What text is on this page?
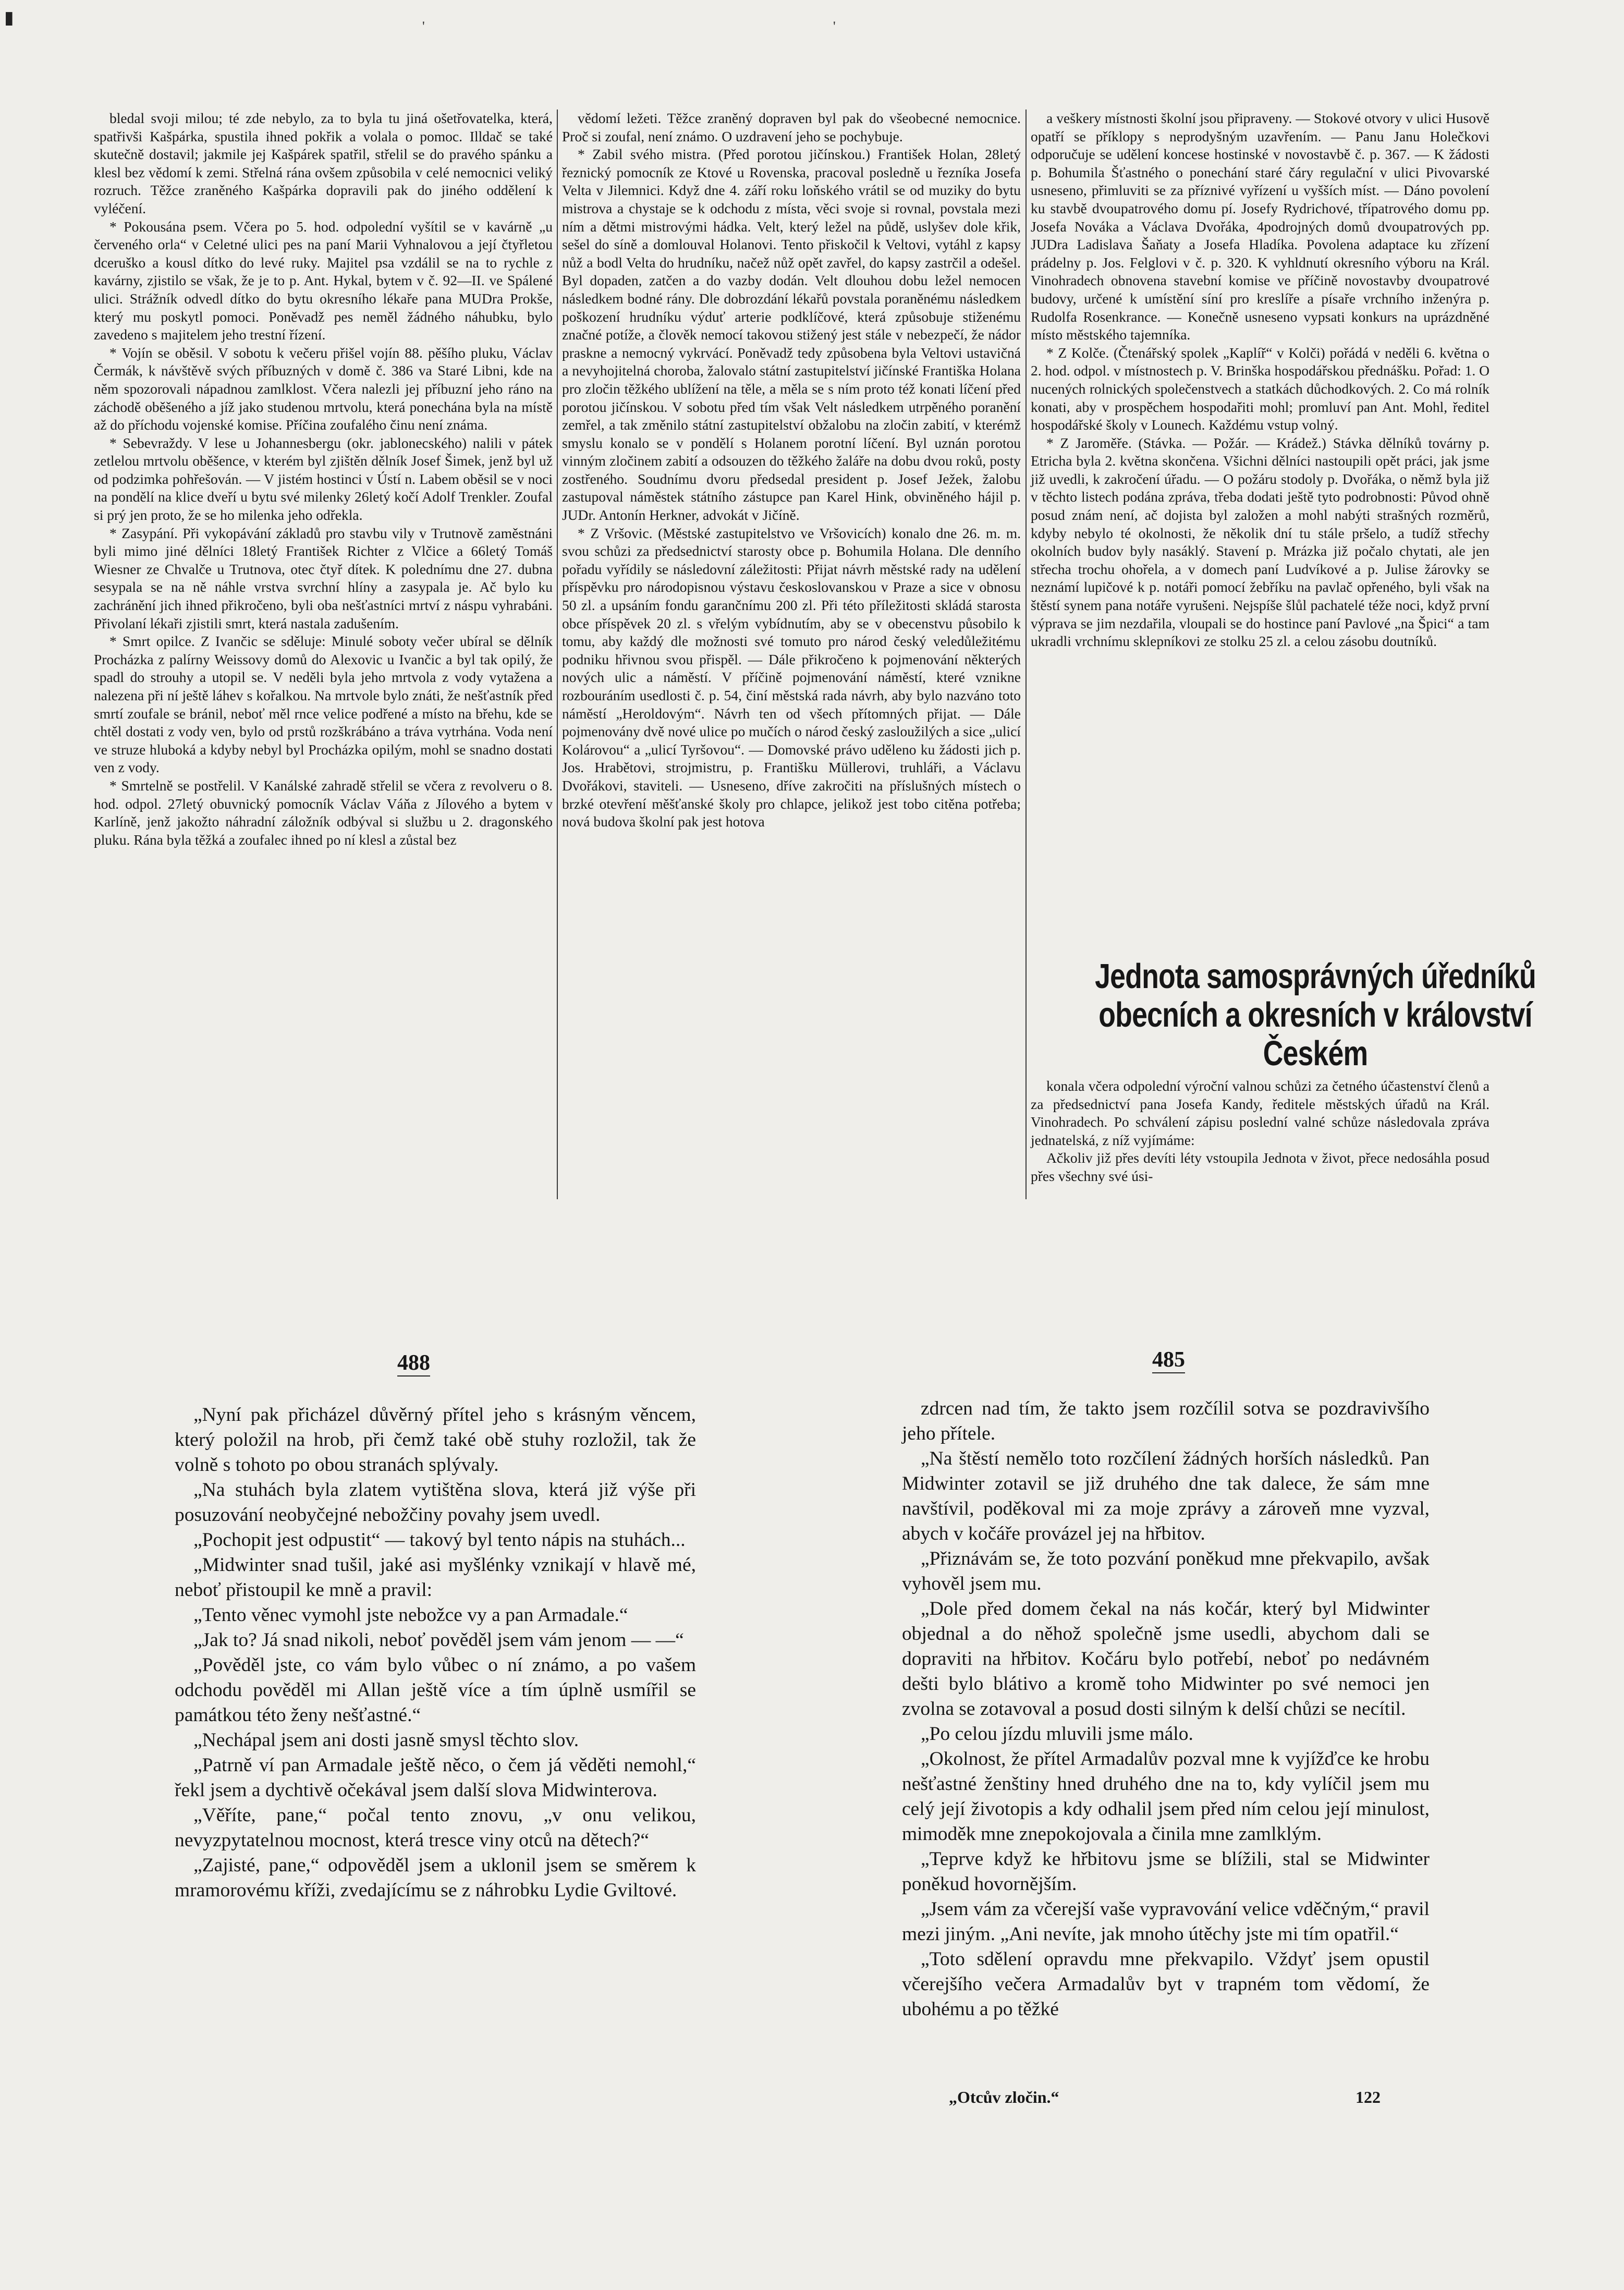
▮	'
'

bledal svoji milou; té zde nebylo, za to byla tu jiná ošetřovatelka, která, spatřivši Kašpárka, spustila ihned pokřik a volala o pomoc. Illdač se také skutečně dostavil; jakmile jej Kašpárek spatřil, střelil se do pravého spánku a klesl bez vědomí k zemi. Střelná rána ovšem způsobila v celé nemocnici veliký rozruch. Těžce zraněného Kašpárka dopravili pak do jiného oddělení k vyléčení.

* Pokousána psem. Včera po 5. hod. odpolední vyšítil se v kavárně „u červeného orla“ v Celetné ulici pes na paní Marii Vyhnalovou a její čtyřletou dceruško a kousl dítko do levé ruky. Majitel psa vzdálil se na to rychle z kavárny, zjistilo se však, že je to p. Ant. Hykal, bytem v č. 92—II. ve Spálené ulici. Strážník odvedl dítko do bytu okresního lékaře pana MUDra Prokše, který mu poskytl pomoci. Poněvadž pes neměl žádného náhubku, bylo zavedeno s majitelem jeho trestní řízení.

* Vojín se oběsil. V sobotu k večeru přišel vojín 88. pěšího pluku, Václav Čermák, k návštěvě svých příbuzných v domě č. 386 va Staré Libni, kde na něm spozorovali nápadnou zamlklost. Včera nalezli jej příbuzní jeho ráno na záchodě oběšeného a jíž jako studenou mrtvolu, která ponechána byla na místě až do příchodu vojenské komise. Příčina zoufalého činu není známa.

* Sebevraždy. V lese u Johannesbergu (okr. jablonecského) nalili v pátek zetlelou mrtvolu oběšence, v kterém byl zjištěn dělník Josef Šimek, jenž byl už od podzimka pohřešován. — V jistém hostinci v Ústí n. Labem oběsil se v noci na pondělí na klice dveří u bytu své milenky 26letý kočí Adolf Trenkler. Zoufal si prý jen proto, že se ho milenka jeho odřekla.

* Zasypání. Při vykopávání základů pro stavbu vily v Trutnově zaměstnáni byli mimo jiné dělníci 18letý František Richter z Vlčice a 66letý Tomáš Wiesner ze Chvalče u Trutnova, otec čtyř dítek. K polednímu dne 27. dubna sesypala se na ně náhle vrstva svrchní hlíny a zasypala je. Ač bylo ku zachránění jich ihned přikročeno, byli oba nešťastníci mrtví z náspu vyhrabáni. Přivolaní lékaři zjistili smrt, která nastala zadušením.

* Smrt opilce. Z Ivančic se sděluje: Minulé soboty večer ubíral se dělník Procházka z palírny Weissovy domů do Alexovic u Ivančic a byl tak opilý, že spadl do strouhy a utopil se. V neděli byla jeho mrtvola z vody vytažena a nalezena při ní ještě láhev s kořalkou. Na mrtvole bylo znáti, že nešťastník před smrtí zoufale se bránil, neboť měl rnce velice podřené a místo na břehu, kde se chtěl dostati z vody ven, bylo od prstů rozškrábáno a tráva vytrhána. Voda není ve struze hluboká a kdyby nebyl byl Procházka opilým, mohl se snadno dostati ven z vody.

* Smrtelně se postřelil. V Kanálské zahradě střelil se včera z revolveru o 8. hod. odpol. 27letý obuvnický pomocník Václav Váňa z Jílového a bytem v Karlíně, jenž jakožto náhradní záložník odbýval si službu u 2. dragonského pluku. Rána byla těžká a zoufalec ihned po ní klesl a zůstal bez

vědomí ležeti. Těžce zraněný dopraven byl pak do všeobecné nemocnice. Proč si zoufal, není známo. O uzdravení jeho se pochybuje.

* Zabil svého mistra. (Před porotou jičínskou.) František Holan, 28letý řeznický pomocník ze Ktové u Rovenska, pracoval posledně u řezníka Josefa Velta v Jilemnici. Když dne 4. září roku loňského vrátil se od muziky do bytu mistrova a chystaje se k odchodu z místa, věci svoje si rovnal, povstala mezi ním a dětmi mistrovými hádka. Velt, který ležel na půdě, uslyšev dole křik, sešel do síně a domlouval Holanovi. Tento přiskočil k Veltovi, vytáhl z kapsy nůž a bodl Velta do hrudníku, načež nůž opět zavřel, do kapsy zastrčil a odešel. Byl dopaden, zatčen a do vazby dodán. Velt dlouhou dobu ležel nemocen následkem bodné rány. Dle dobrozdání lékařů povstala poraněnému následkem poškození hrudníku výduť arterie podklíčové, která způsobuje stiženému značné potíže, a člověk nemocí takovou stižený jest stále v nebezpečí, že nádor praskne a nemocný vykrvácí. Poněvadž tedy způsobena byla Veltovi ustavičná a nevyhojitelná choroba, žalovalo státní zastupitelství jičínské Františka Holana pro zločin těžkého ublížení na těle, a měla se s ním proto též konati líčení před porotou jičínskou. V sobotu před tím však Velt následkem utrpěného poranění zemřel, a tak změnilo státní zastupitelství obžalobu na zločin zabití, v kterémž smyslu konalo se v pondělí s Holanem porotní líčení. Byl uznán porotou vinným zločinem zabití a odsouzen do těžkého žaláře na dobu dvou roků, posty zostřeného. Soudnímu dvoru předsedal president p. Josef Ježek, žalobu zastupoval náměstek státního zástupce pan Karel Hink, obviněného hájil p. JUDr. Antonín Herkner, advokát v Jičíně.

* Z Vršovic. (Městské zastupitelstvo ve Vršovicích) konalo dne 26. m. m. svou schůzi za předsednictví starosty obce p. Bohumila Holana. Dle denního pořadu vyřídily se následovní záležitosti: Přijat návrh městské rady na udělení příspěvku pro národopisnou výstavu českoslovanskou v Praze a sice v obnosu 50 zl. a upsáním fondu garančnímu 200 zl. Při této příležitosti skládá starosta obce příspěvek 20 zl. s vřelým vybídnutím, aby se v obecenstvu působilo k tomu, aby každý dle možnosti své tomuto pro národ český veledůležitému podniku hřivnou svou přispěl. — Dále přikročeno k pojmenování některých nových ulic a náměstí. V příčině pojmenování náměstí, které vznikne rozbouráním usedlosti č. p. 54, činí městská rada návrh, aby bylo nazváno toto náměstí „Heroldovým“. Návrh ten od všech přítomných přijat. — Dále pojmenovány dvě nové ulice po mučích o národ český zasloužilých a sice „ulicí Kolárovou“ a „ulicí Tyršovou“. — Domovské právo uděleno ku žádosti jich p. Jos. Hrabětovi, strojmistru, p. Františku Müllerovi, truhláři, a Václavu Dvořákovi, staviteli. — Usneseno, dříve zakročiti na příslušných místech o brzké otevření měšťanské školy pro chlapce, jelikož jest tobo citěna potřeba; nová budova školní pak jest hotova

a veškery místnosti školní jsou připraveny. — Stokové otvory v ulici Husově opatří se příklopy s neprodyšným uzavřením. — Panu Janu Holečkovi odporučuje se udělení koncese hostinské v novostavbě č. p. 367. — K žádosti p. Bohumila Šťastného o ponechání staré čáry regulační v ulici Pivovarské usneseno, přimluviti se za příznivé vyřízení u vyšších míst. — Dáno povolení ku stavbě dvoupatrového domu pí. Josefy Rydrichové, třípatrového domu pp. Josefa Nováka a Václava Dvořáka, 4podrojných domů dvoupatrových pp. JUDra Ladislava Šaňaty a Josefa Hladíka. Povolena adaptace ku zřízení prádelny p. Jos. Felglovi v č. p. 320. K vyhldnutí okresního výboru na Král. Vinohradech obnovena stavební komise ve příčině novostavby dvoupatrové budovy, určené k umístění síní pro kreslíře a písaře vrchního inženýra p. Rudolfa Rosenkrance. — Konečně usneseno vypsati konkurs na uprázdněné místo městského tajemníka.

* Z Kolče. (Čtenářský spolek „Kaplíř“ v Kolči) pořádá v neděli 6. května o 2. hod. odpol. v místnostech p. V. Brinška hospodářskou přednášku. Pořad: 1. O nucených rolnických společenstvech a statkách důchodkových. 2. Co má rolník konati, aby v prospěchem hospodařiti mohl; promluví pan Ant. Mohl, ředitel hospodářské školy v Lounech. Každému vstup volný.

* Z Jaroměře. (Stávka. — Požár. — Krádež.) Stávka dělníků továrny p. Etricha byla 2. května skončena. Všichni dělníci nastoupili opět práci, jak jsme již uvedli, k zakročení úřadu. — O požáru stodoly p. Dvořáka, o němž byla již v těchto listech podána zpráva, třeba dodati ještě tyto podrobnosti: Původ ohně posud znám není, ač dojista byl založen a mohl nabýti strašných rozměrů, kdyby nebylo té okolnosti, že několik dní tu stále pršelo, a tudíž střechy okolních budov byly nasáklý. Stavení p. Mrázka již počalo chytati, ale jen střecha trochu ohořela, a v domech paní Ludvíkové a p. Julise žárovky se neznámí lupičové k p. notáři pomocí žebříku na pavlač opřeného, byli však na štěstí synem pana notáře vyrušeni. Nejspíše šlůl pachatelé téže noci, když první výprava se jim nezdařila, vloupali se do hostince paní Pavlové „na Špici“ a tam ukradli vrchnímu sklepníkovi ze stolku 25 zl. a celou zásobu doutníků.

Jednota samosprávných úředníků
obecních a okresních v království
Českém

konala včera odpolední výroční valnou schůzi za četného účastenství členů a za předsednictví pana Josefa Kandy, ředitele městských úřadů na Král. Vinohradech. Po schválení zápisu poslední valné schůze následovala zpráva jednatelská, z níž vyjímáme:

Ačkoliv již přes devíti léty vstoupila Jednota v život, přece nedosáhla posud přes všechny své úsi-

488	485

„Nyní pak přicházel důvěrný přítel jeho s krásným věncem, který položil na hrob, při čemž také obě stuhy rozložil, tak že volně s tohoto po obou stranách splývaly.

„Na stuhách byla zlatem vytištěna slova, která již výše při posuzování neobyčejné nebožčiny povahy jsem uvedl.

„Pochopit jest odpustit“ — takový byl tento nápis na stuhách...

„Midwinter snad tušil, jaké asi myšlénky vznikají v hlavě mé, neboť přistoupil ke mně a pravil:

„Tento věnec vymohl jste nebožce vy a pan Armadale.“

„Jak to? Já snad nikoli, neboť pověděl jsem vám jenom — —“

„Pověděl jste, co vám bylo vůbec o ní známo, a po vašem odchodu pověděl mi Allan ještě více a tím úplně usmířil se památkou této ženy nešťastné.“

„Nechápal jsem ani dosti jasně smysl těchto slov.

„Patrně ví pan Armadale ještě něco, o čem já věděti nemohl,“ řekl jsem a dychtivě očekával jsem další slova Midwinterova.

„Věříte, pane,“ počal tento znovu, „v onu velikou, nevyzpytatelnou mocnost, která tresce viny otců na dětech?“

„Zajisté, pane,“ odpověděl jsem a uklonil jsem se směrem k mramorovému kříži, zvedajícímu se z náhrobku Lydie Gviltové.

zdrcen nad tím, že takto jsem rozčílil sotva se pozdravivšího jeho přítele.

„Na štěstí nemělo toto rozčílení žádných horších následků. Pan Midwinter zotavil se již druhého dne tak dalece, že sám mne navštívil, poděkoval mi za moje zprávy a zároveň mne vyzval, abych v kočáře provázel jej na hřbitov.

„Přiznávám se, že toto pozvání poněkud mne překvapilo, avšak vyhověl jsem mu.

„Dole před domem čekal na nás kočár, který byl Midwinter objednal a do něhož společně jsme usedli, abychom dali se dopraviti na hřbitov. Kočáru bylo potřebí, neboť po nedávném dešti bylo blátivo a kromě toho Midwinter po své nemoci jen zvolna se zotavoval a posud dosti silným k delší chůzi se necítil.

„Po celou jízdu mluvili jsme málo.

„Okolnost, že přítel Armadalův pozval mne k vyjížďce ke hrobu nešťastné ženštiny hned druhého dne na to, kdy vylíčil jsem mu celý její životopis a kdy odhalil jsem před ním celou její minulost, mimoděk mne znepokojovala a činila mne zamlklým.

„Teprve když ke hřbitovu jsme se blížili, stal se Midwinter poněkud hovornějším.

„Jsem vám za včerejší vaše vypravování velice vděčným,“ pravil mezi jiným. „Ani nevíte, jak mnoho útěchy jste mi tím opatřil.“

„Toto sdělení opravdu mne překvapilo. Vždyť jsem opustil včerejšího večera Armadalův byt v trapném tom vědomí, že ubohému a po těžké

„Otcův zločin.“	122
